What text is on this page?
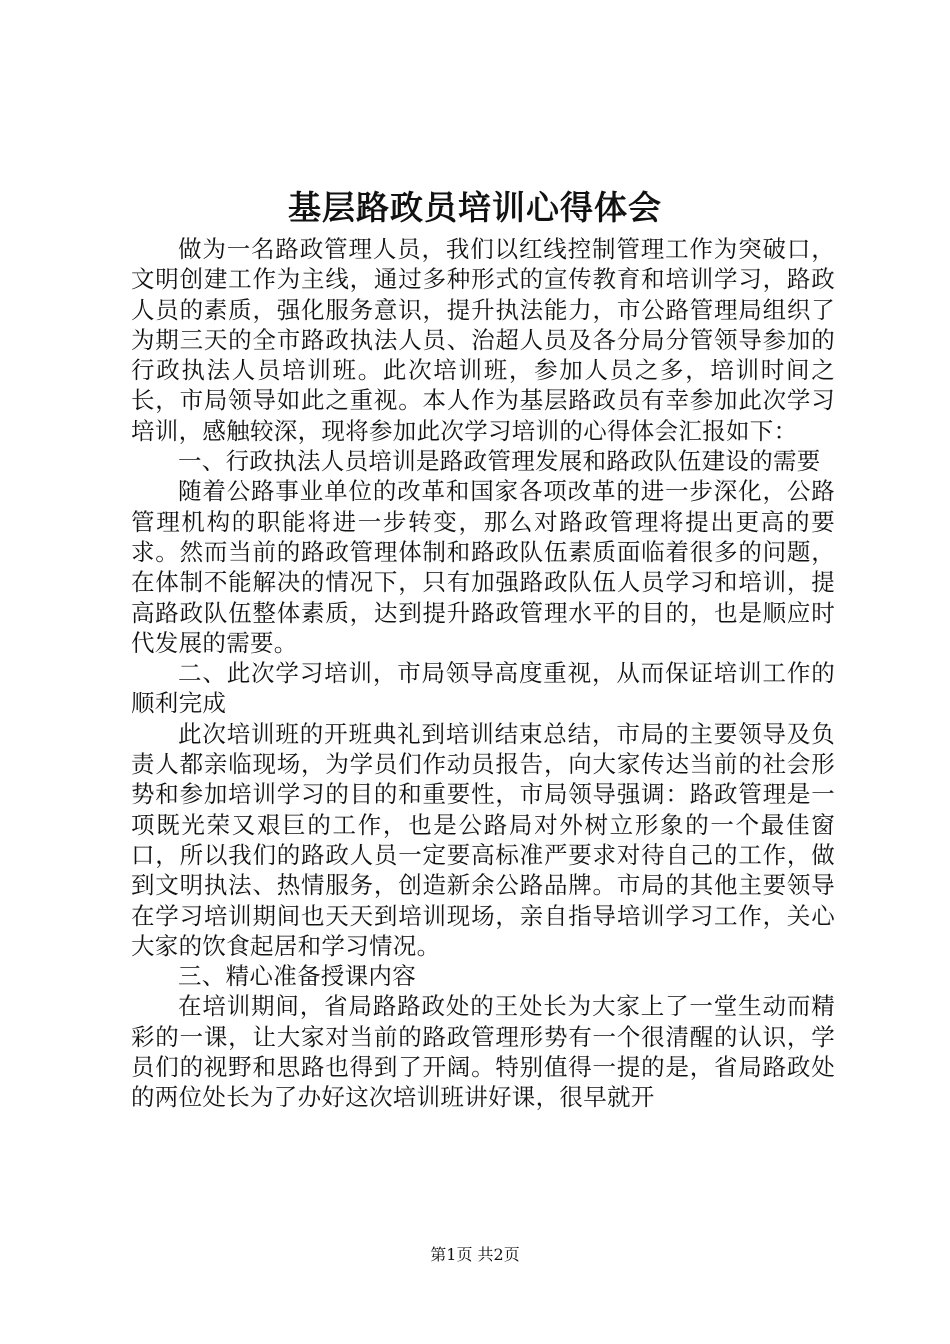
基层路政员培训心得体会

做为一名路政管理人员，我们以红线控制管理工作为突破口，文明创建工作为主线，通过多种形式的宣传教育和培训学习，路政人员的素质，强化服务意识，提升执法能力，市公路管理局组织了为期三天的全市路政执法人员、治超人员及各分局分管领导参加的行政执法人员培训班。此次培训班，参加人员之多，培训时间之长，市局领导如此之重视。本人作为基层路政员有幸参加此次学习培训，感触较深，现将参加此次学习培训的心得体会汇报如下：

一、行政执法人员培训是路政管理发展和路政队伍建设的需要

随着公路事业单位的改革和国家各项改革的进一步深化，公路管理机构的职能将进一步转变，那么对路政管理将提出更高的要求。然而当前的路政管理体制和路政队伍素质面临着很多的问题，在体制不能解决的情况下，只有加强路政队伍人员学习和培训，提高路政队伍整体素质，达到提升路政管理水平的目的，也是顺应时代发展的需要。

二、此次学习培训，市局领导高度重视，从而保证培训工作的顺利完成

此次培训班的开班典礼到培训结束总结，市局的主要领导及负责人都亲临现场，为学员们作动员报告，向大家传达当前的社会形势和参加培训学习的目的和重要性，市局领导强调：路政管理是一项既光荣又艰巨的工作，也是公路局对外树立形象的一个最佳窗口，所以我们的路政人员一定要高标准严要求对待自己的工作，做到文明执法、热情服务，创造新余公路品牌。市局的其他主要领导在学习培训期间也天天到培训现场，亲自指导培训学习工作，关心大家的饮食起居和学习情况。

三、精心准备授课内容

在培训期间，省局路路政处的王处长为大家上了一堂生动而精彩的一课，让大家对当前的路政管理形势有一个很清醒的认识，学员们的视野和思路也得到了开阔。特别值得一提的是，省局路政处的两位处长为了办好这次培训班讲好课，很早就开

第1页 共2页
